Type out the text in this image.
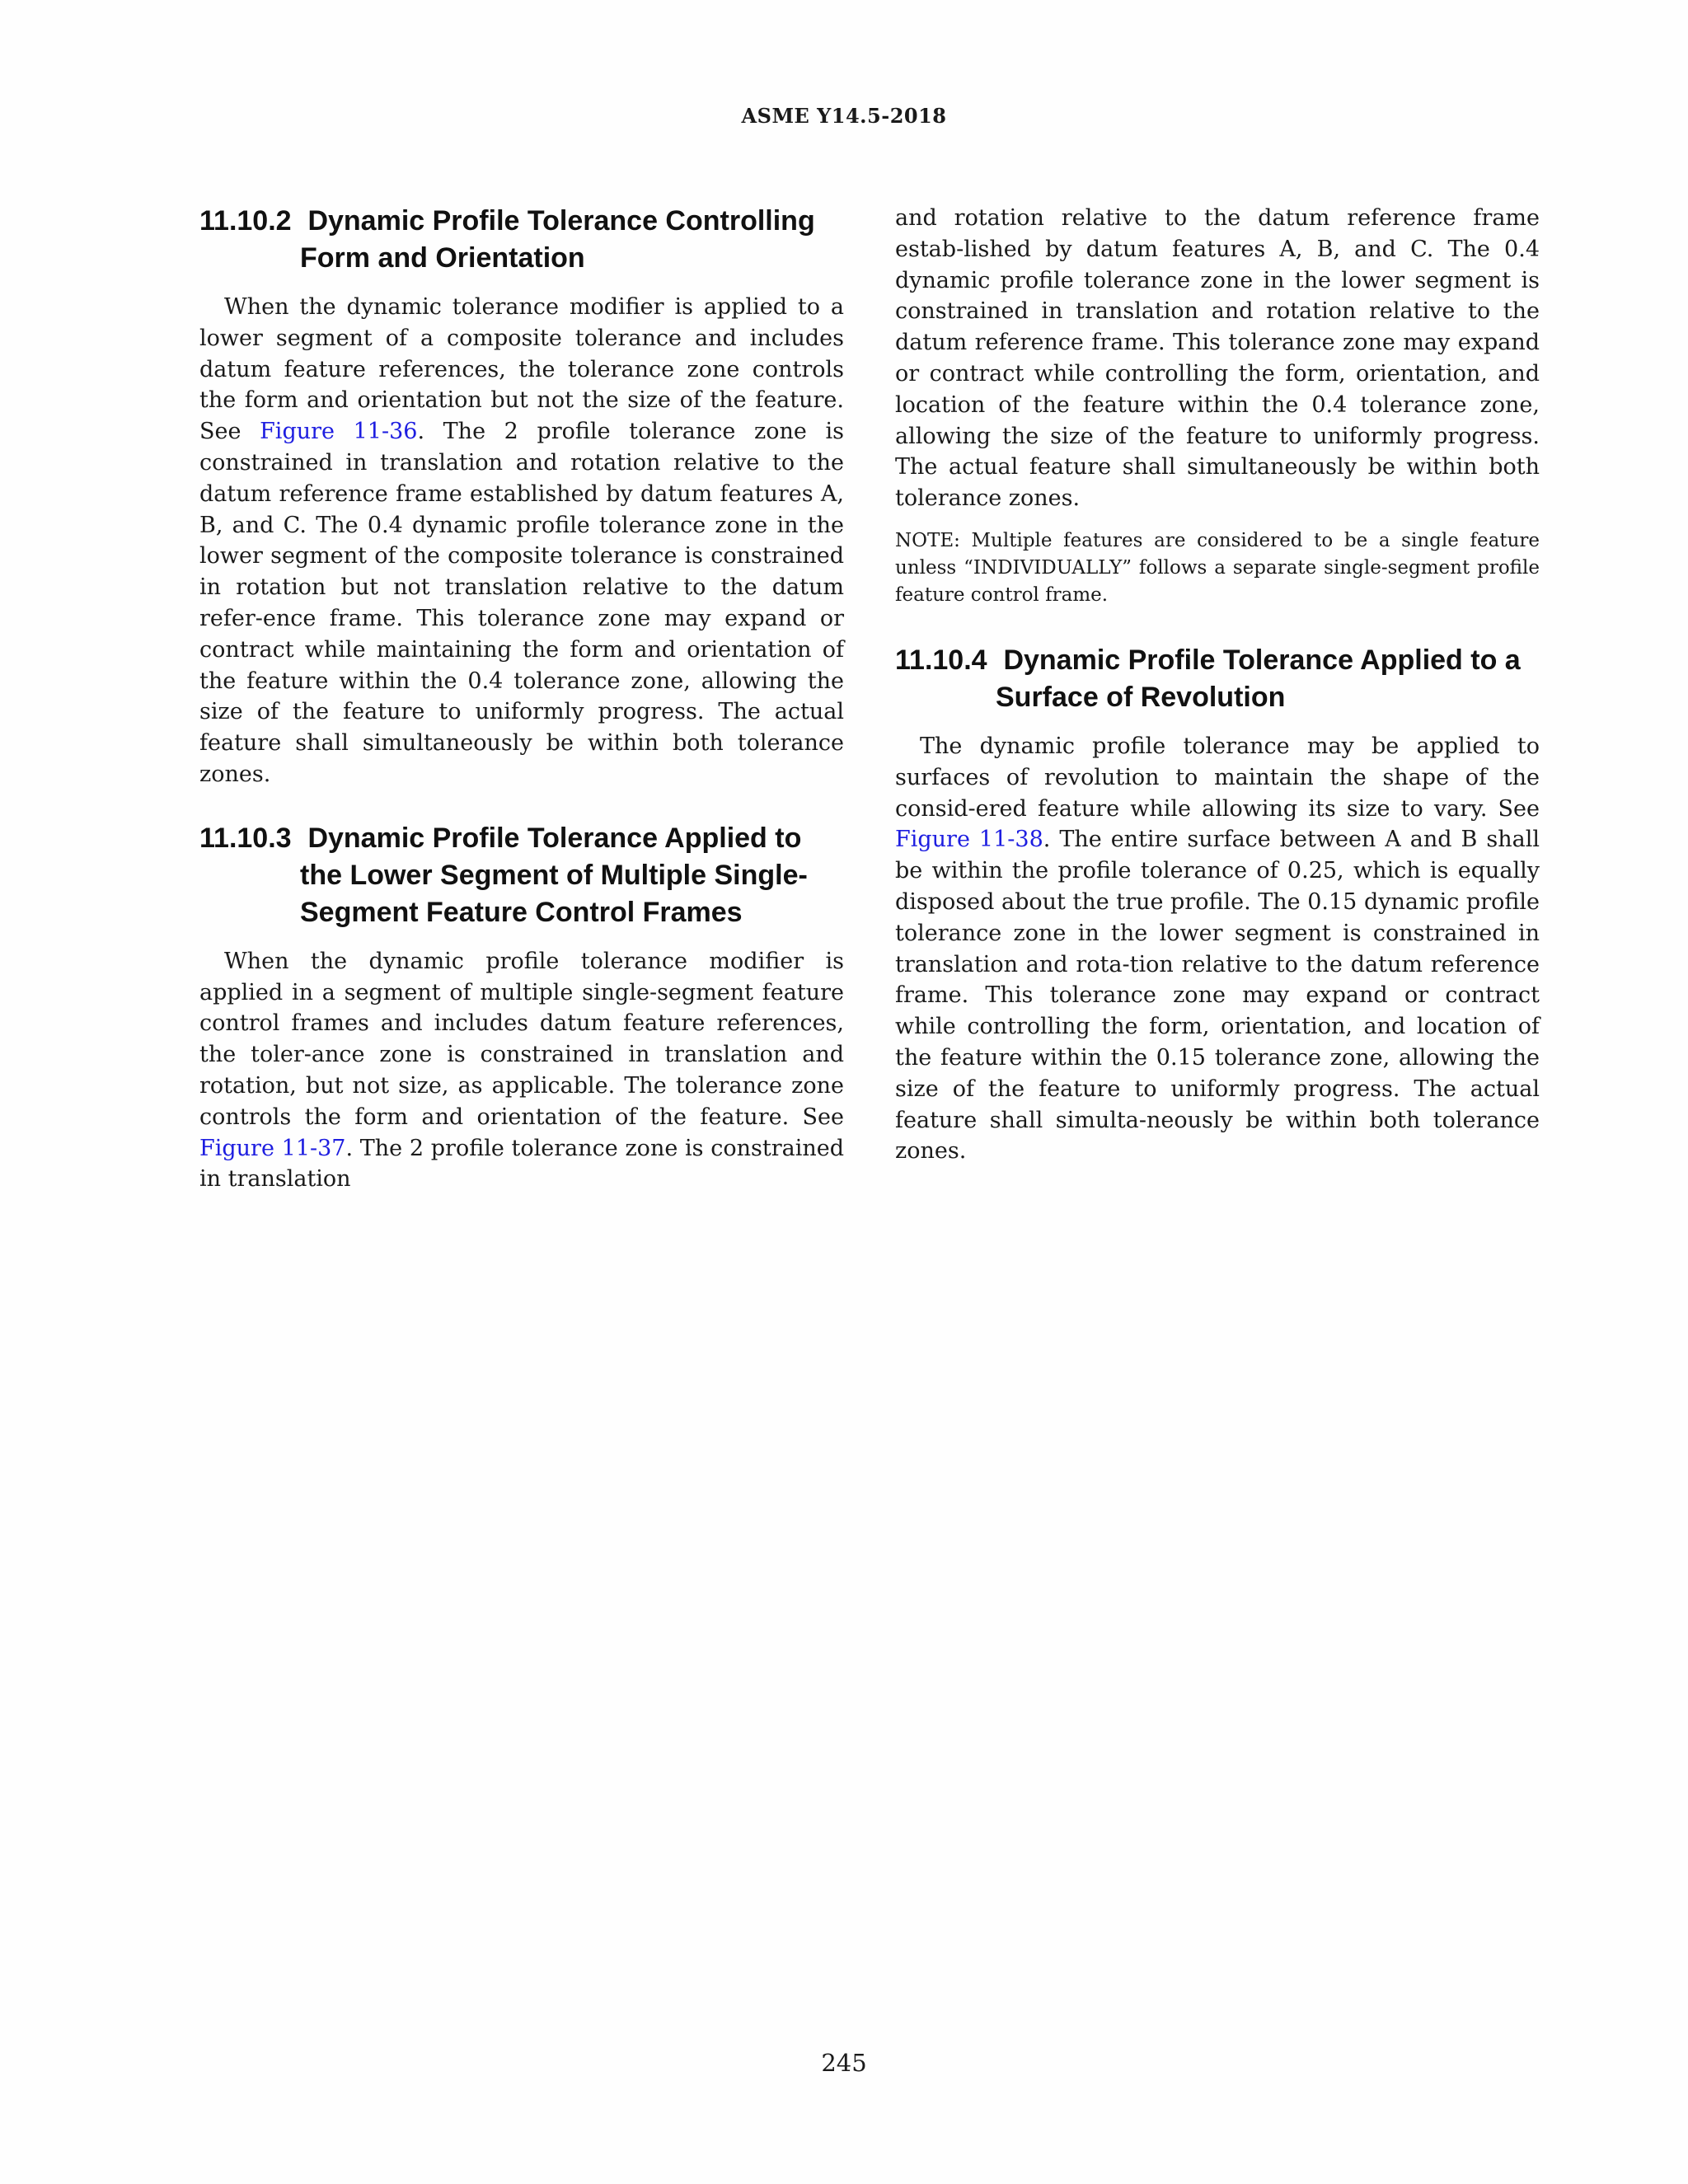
ASME Y14.5-2018
11.10.2 Dynamic Profile Tolerance Controlling Form and Orientation

When the dynamic tolerance modifier is applied to a lower segment of a composite tolerance and includes datum feature references, the tolerance zone controls the form and orientation but not the size of the feature. See Figure 11-36. The 2 profile tolerance zone is constrained in translation and rotation relative to the datum reference frame established by datum features A, B, and C. The 0.4 dynamic profile tolerance zone in the lower segment of the composite tolerance is constrained in rotation but not translation relative to the datum refer-ence frame. This tolerance zone may expand or contract while maintaining the form and orientation of the feature within the 0.4 tolerance zone, allowing the size of the feature to uniformly progress. The actual feature shall simultaneously be within both tolerance zones.

11.10.3 Dynamic Profile Tolerance Applied to the Lower Segment of Multiple Single-Segment Feature Control Frames

When the dynamic profile tolerance modifier is applied in a segment of multiple single-segment feature control frames and includes datum feature references, the toler-ance zone is constrained in translation and rotation, but not size, as applicable. The tolerance zone controls the form and orientation of the feature. See Figure 11-37. The 2 profile tolerance zone is constrained in translation

and rotation relative to the datum reference frame estab-lished by datum features A, B, and C. The 0.4 dynamic profile tolerance zone in the lower segment is constrained in translation and rotation relative to the datum reference frame. This tolerance zone may expand or contract while controlling the form, orientation, and location of the feature within the 0.4 tolerance zone, allowing the size of the feature to uniformly progress. The actual feature shall simultaneously be within both tolerance zones.

NOTE: Multiple features are considered to be a single feature unless “INDIVIDUALLY” follows a separate single-segment profile feature control frame.

11.10.4 Dynamic Profile Tolerance Applied to a Surface of Revolution

The dynamic profile tolerance may be applied to surfaces of revolution to maintain the shape of the consid-ered feature while allowing its size to vary. See Figure 11-38. The entire surface between A and B shall be within the profile tolerance of 0.25, which is equally disposed about the true profile. The 0.15 dynamic profile tolerance zone in the lower segment is constrained in translation and rota-tion relative to the datum reference frame. This tolerance zone may expand or contract while controlling the form, orientation, and location of the feature within the 0.15 tolerance zone, allowing the size of the feature to uniformly progress. The actual feature shall simulta-neously be within both tolerance zones.

245
